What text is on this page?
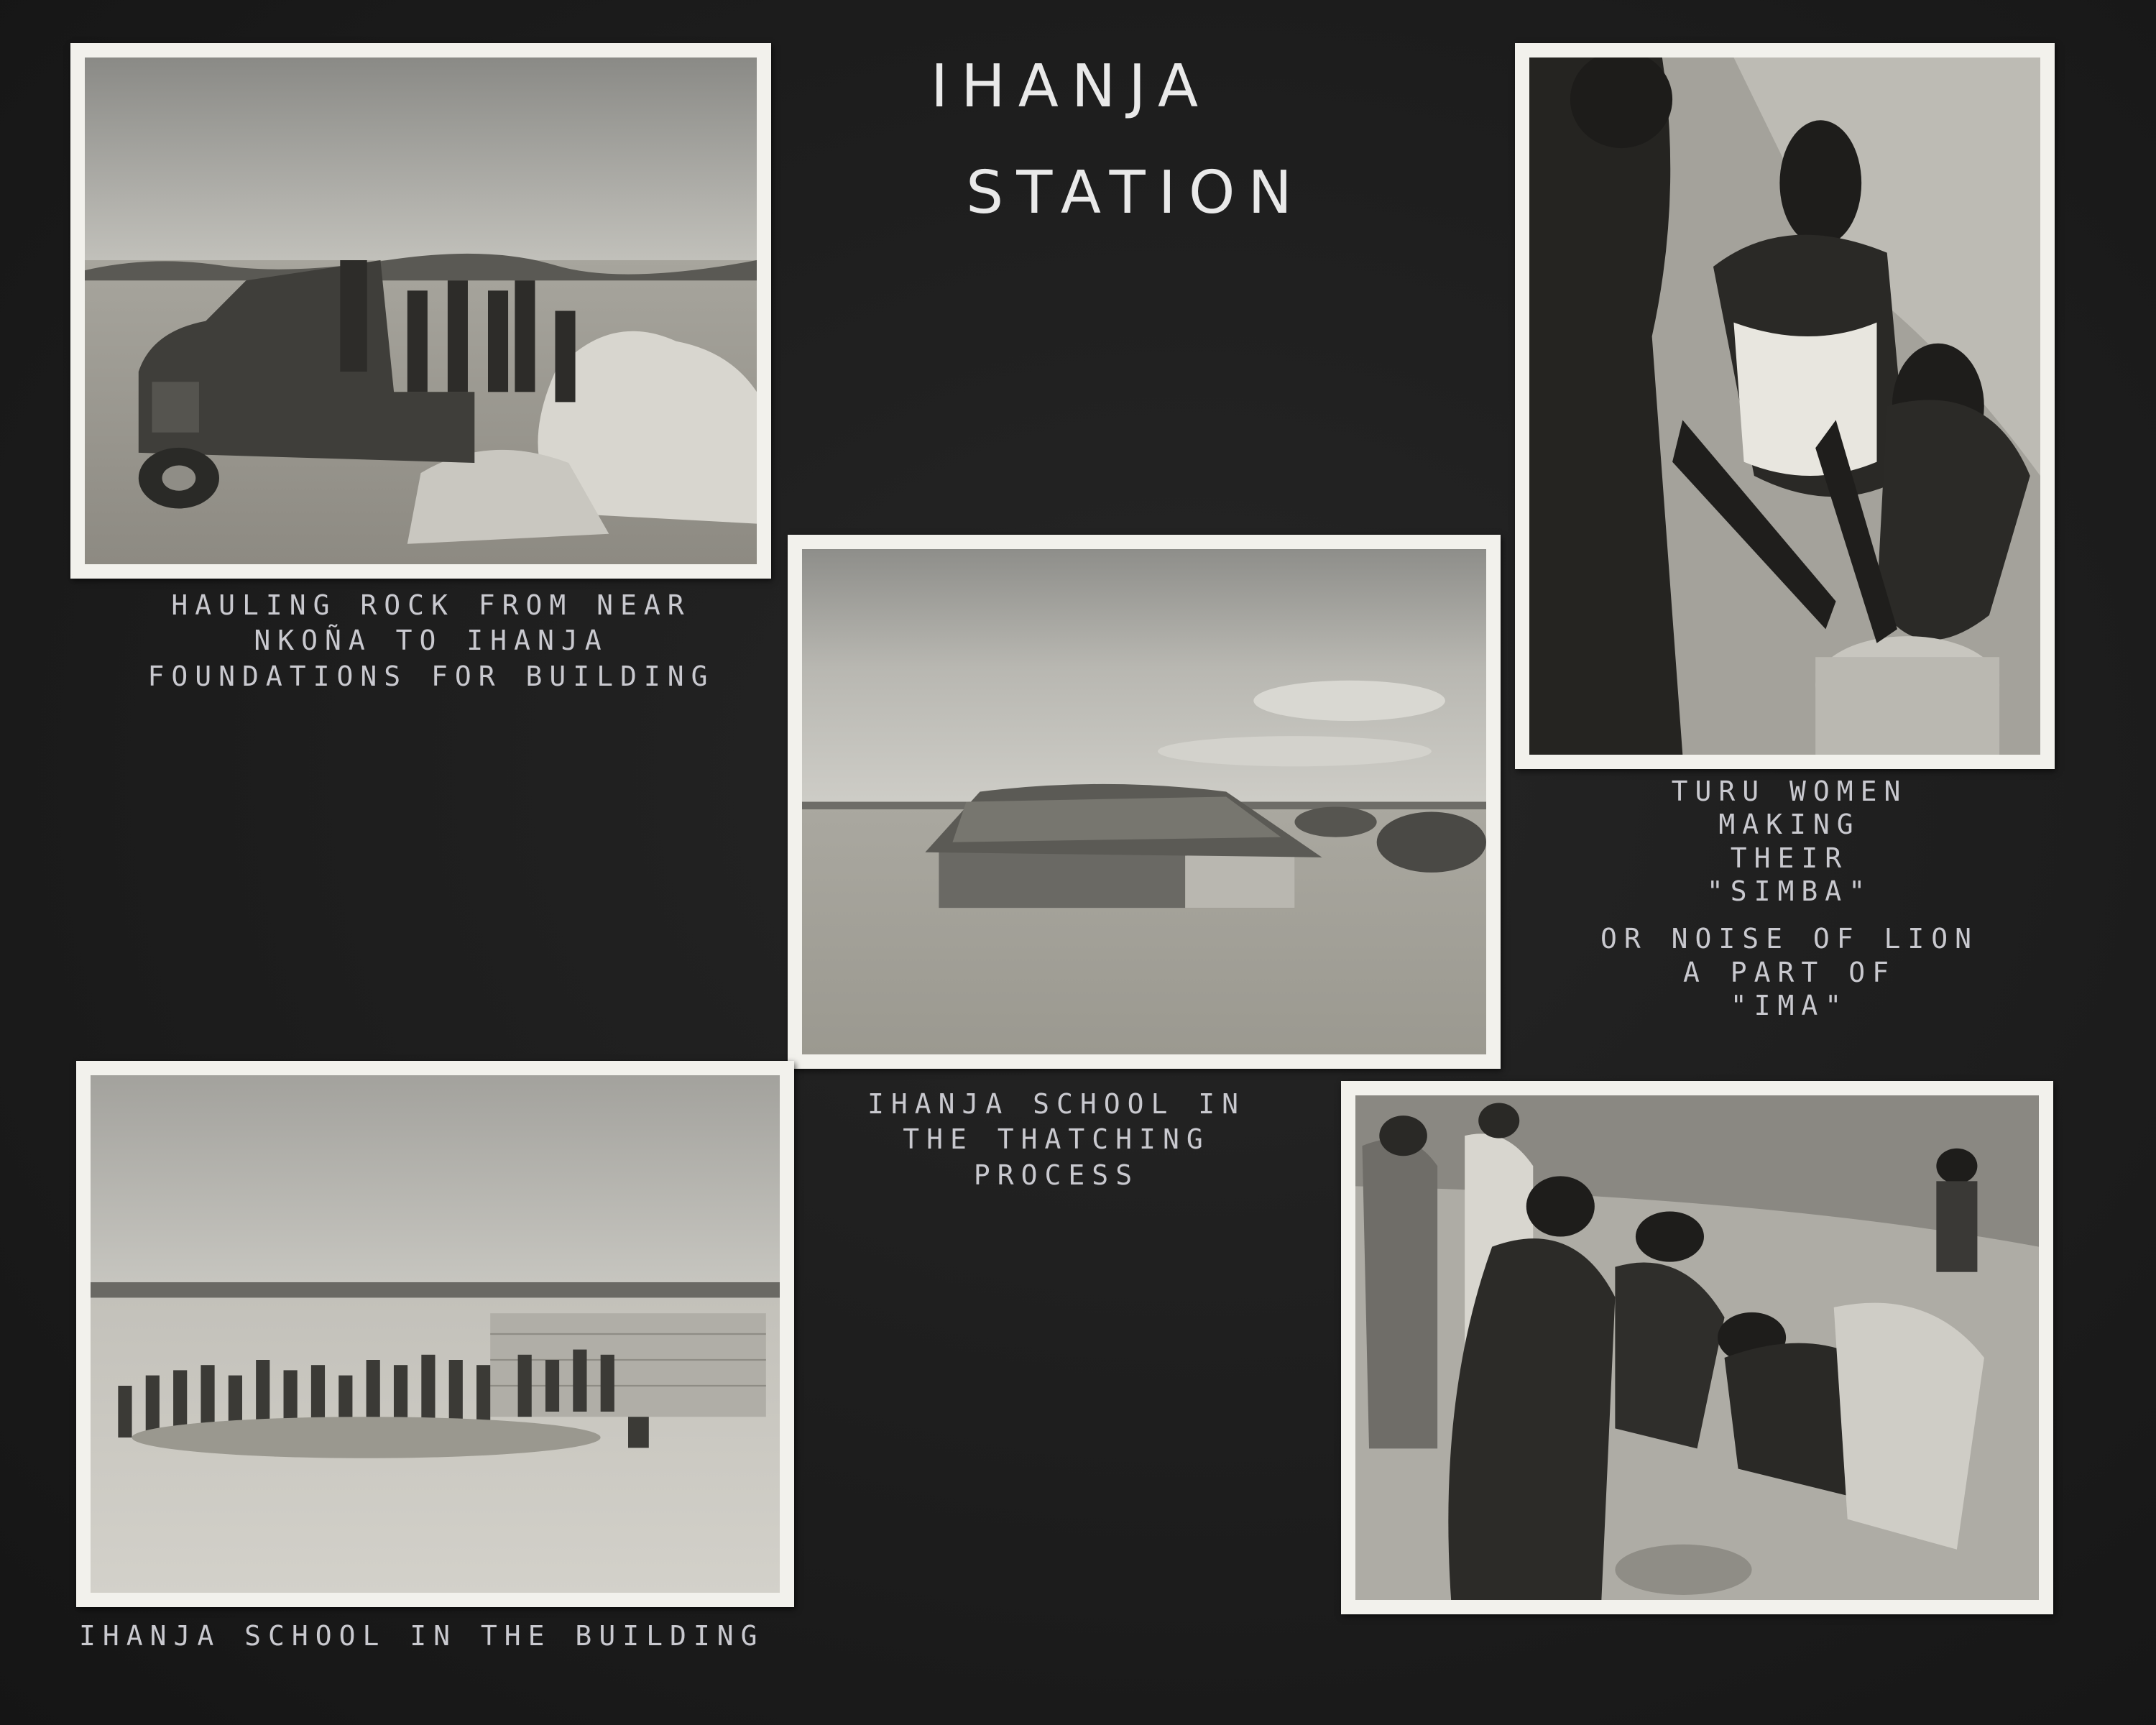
IHANJA
STATION
HAULING ROCK FROM NEAR
NKOÑA TO IHANJA
FOUNDATIONS FOR BUILDING
TURU WOMEN
MAKING
THEIR
"SIMBA"
OR NOISE OF LION
A PART OF
"IMA"
IHANJA SCHOOL IN
THE THATCHING
PROCESS
IHANJA SCHOOL IN THE BUILDING
